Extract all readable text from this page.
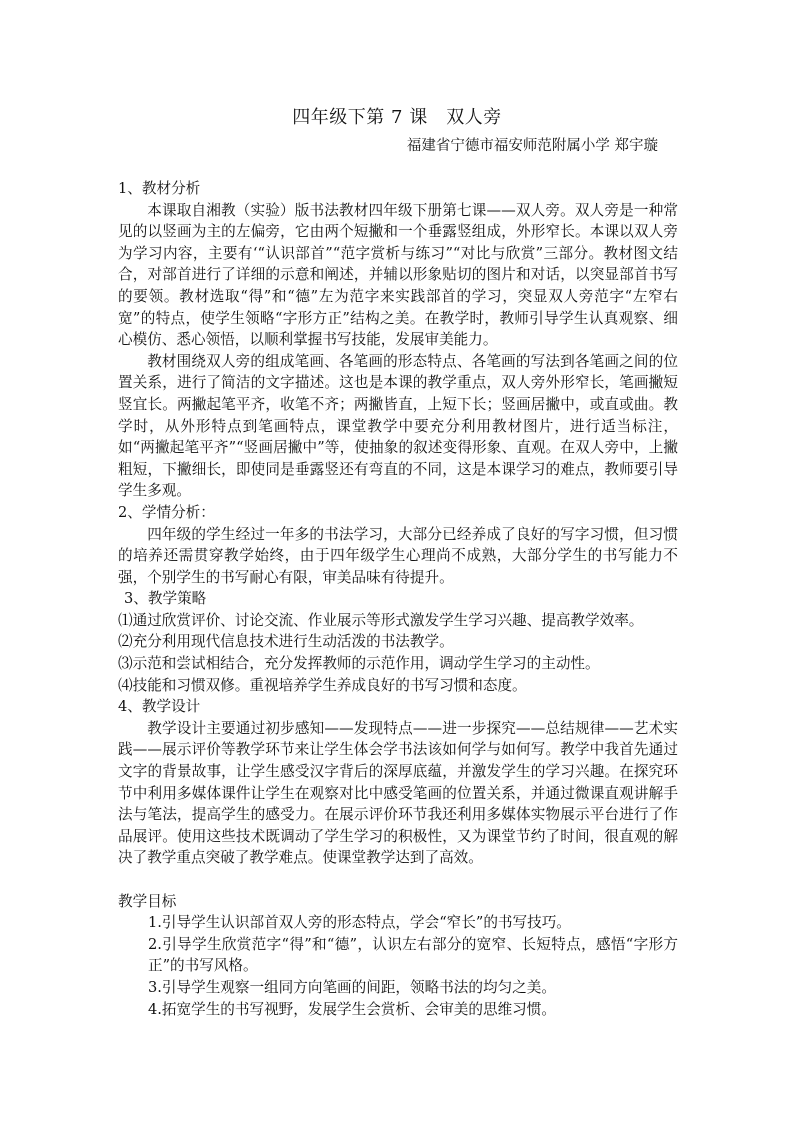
四年级下第 7 课　双人旁
福建省宁德市福安师范附属小学 郑宇璇

1、教材分析

本课取自湘教（实验）版书法教材四年级下册第七课——双人旁。双人旁是一种常见的以竖画为主的左偏旁，它由两个短撇和一个垂露竖组成，外形窄长。本课以双人旁为学习内容，主要有‘“认识部首”“范字赏析与练习”“对比与欣赏”三部分。教材图文结合，对部首进行了详细的示意和阐述，并辅以形象贴切的图片和对话，以突显部首书写的要领。教材选取“得”和“德”左为范字来实践部首的学习，突显双人旁范字“左窄右宽”的特点，使学生领略“字形方正”结构之美。在教学时，教师引导学生认真观察、细心模仿、悉心领悟，以顺利掌握书写技能，发展审美能力。

教材围绕双人旁的组成笔画、各笔画的形态特点、各笔画的写法到各笔画之间的位置关系，进行了简洁的文字描述。这也是本课的教学重点，双人旁外形窄长，笔画撇短竖宜长。两撇起笔平齐，收笔不齐；两撇皆直，上短下长；竖画居撇中，或直或曲。教学时，从外形特点到笔画特点，课堂教学中要充分利用教材图片，进行适当标注，如“两撇起笔平齐”“竖画居撇中”等，使抽象的叙述变得形象、直观。在双人旁中，上撇粗短，下撇细长，即使同是垂露竖还有弯直的不同，这是本课学习的难点，教师要引导学生多观。

2、学情分析：

四年级的学生经过一年多的书法学习，大部分已经养成了良好的写字习惯，但习惯的培养还需贯穿教学始终，由于四年级学生心理尚不成熟，大部分学生的书写能力不强，个别学生的书写耐心有限，审美品味有待提升。

3、教学策略

⑴通过欣赏评价、讨论交流、作业展示等形式激发学生学习兴趣、提高教学效率。

⑵充分利用现代信息技术进行生动活泼的书法教学。

⑶示范和尝试相结合，充分发挥教师的示范作用，调动学生学习的主动性。

⑷技能和习惯双修。重视培养学生养成良好的书写习惯和态度。

4、教学设计

教学设计主要通过初步感知——发现特点——进一步探究——总结规律——艺术实践——展示评价等教学环节来让学生体会学书法该如何学与如何写。教学中我首先通过文字的背景故事，让学生感受汉字背后的深厚底蕴，并激发学生的学习兴趣。在探究环节中利用多媒体课件让学生在观察对比中感受笔画的位置关系，并通过微课直观讲解手法与笔法，提高学生的感受力。在展示评价环节我还利用多媒体实物展示平台进行了作品展评。使用这些技术既调动了学生学习的积极性，又为课堂节约了时间，很直观的解决了教学重点突破了教学难点。使课堂教学达到了高效。

教学目标

1.引导学生认识部首双人旁的形态特点，学会“窄长”的书写技巧。

2.引导学生欣赏范字“得”和“德”，认识左右部分的宽窄、长短特点，感悟“字形方正”的书写风格。

3.引导学生观察一组同方向笔画的间距，领略书法的均匀之美。

4.拓宽学生的书写视野，发展学生会赏析、会审美的思维习惯。
